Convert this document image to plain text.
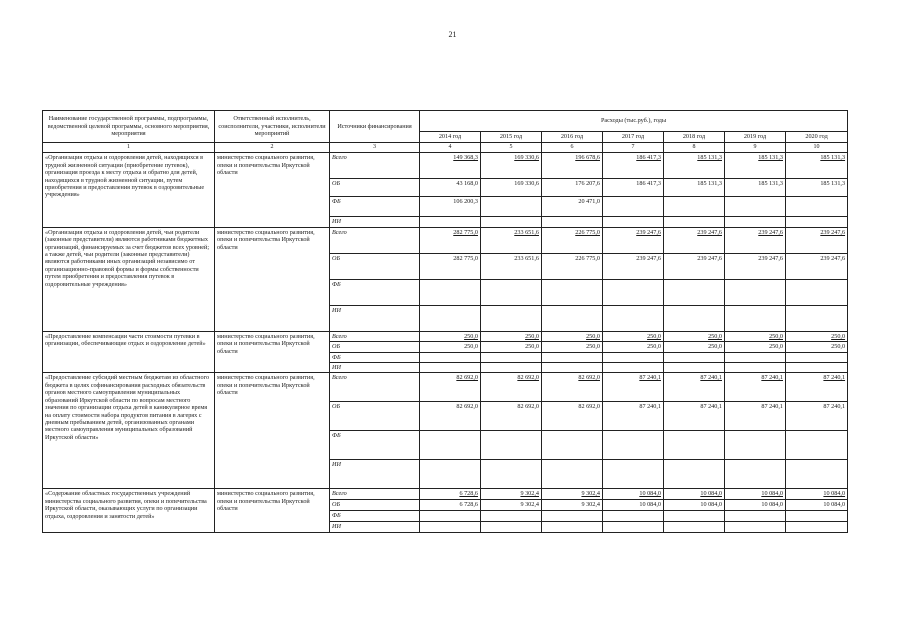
21
Наименование государственной программы, подпрограммы, ведомственной целевой программы, основного мероприятия, мероприятия	Ответственный исполнитель, соисполнители, участники, исполнители мероприятий	Источники финансирования	Расходы (тыс.руб.), годы						
			2014 год	2015 год	2016 год	2017 год	2018 год	2019 год	2020 год
1	2	3	4	5	6	7	8	9	10
«Организация отдыха и оздоровления детей, находящихся в трудной жизненной ситуации (приобретение путевок), организация проезда к месту отдыха и обратно для детей, находящихся в трудной жизненной ситуации, путем приобретения и предоставления путевок в оздоровительные учреждения»	министерство социального развития, опеки и попечительства Иркутской области	Всего	149 368,3	169 330,6	196 678,6	186 417,3	185 131,3	185 131,3	185 131,3
		ОБ	43 168,0	169 330,6	176 207,6	186 417,3	185 131,3	185 131,3	185 131,3
		ФБ	106 200,3		20 471,0				
		ИИ							
«Организация отдыха и оздоровления детей, чьи родители (законные представители) являются работниками бюджетных организаций, финансируемых за счет бюджетов всех уровней; а также детей, чьи родители (законные представители) являются работниками иных организаций независимо от организационно-правовой формы и формы собственности путем приобретения и предоставления путевок в оздоровительные учреждения»	министерство социального развития, опеки и попечительства Иркутской области	Всего	282 775,0	233 651,6	226 775,0	239 247,6	239 247,6	239 247,6	239 247,6
		ОБ	282 775,0	233 651,6	226 775,0	239 247,6	239 247,6	239 247,6	239 247,6
		ФБ							
		ИИ							
«Предоставление компенсации части стоимости путевки в организации, обеспечивающие отдых и оздоровление детей»	министерство социального развития, опеки и попечительства Иркутской области	Всего	250,0	250,0	250,0	250,0	250,0	250,0	250,0
		ОБ	250,0	250,0	250,0	250,0	250,0	250,0	250,0
		ФБ							
		ИИ							
«Предоставление субсидий местным бюджетам из областного бюджета в целях софинансирования расходных обязательств органов местного самоуправления муниципальных образований Иркутской области по вопросам местного значения по организации отдыха детей в каникулярное время на оплату стоимости набора продуктов питания в лагерях с дневным пребыванием детей, организованных органами местного самоуправления муниципальных образований Иркутской области»	министерство социального развития, опеки и попечительства Иркутской области	Всего	82 692,0	82 692,0	82 692,0	87 240,1	87 240,1	87 240,1	87 240,1
		ОБ	82 692,0	82 692,0	82 692,0	87 240,1	87 240,1	87 240,1	87 240,1
		ФБ							
		ИИ							
«Содержание областных государственных учреждений министерства социального развития, опеки и попечительства Иркутской области, оказывающих услуги по организации отдыха, оздоровления и занятости детей»	министерство социального развития, опеки и попечительства Иркутской области	Всего	6 728,6	9 302,4	9 302,4	10 084,0	10 084,0	10 084,0	10 084,0
		ОБ	6 728,6	9 302,4	9 302,4	10 084,0	10 084,0	10 084,0	10 084,0
		ФБ							
		ИИ							
